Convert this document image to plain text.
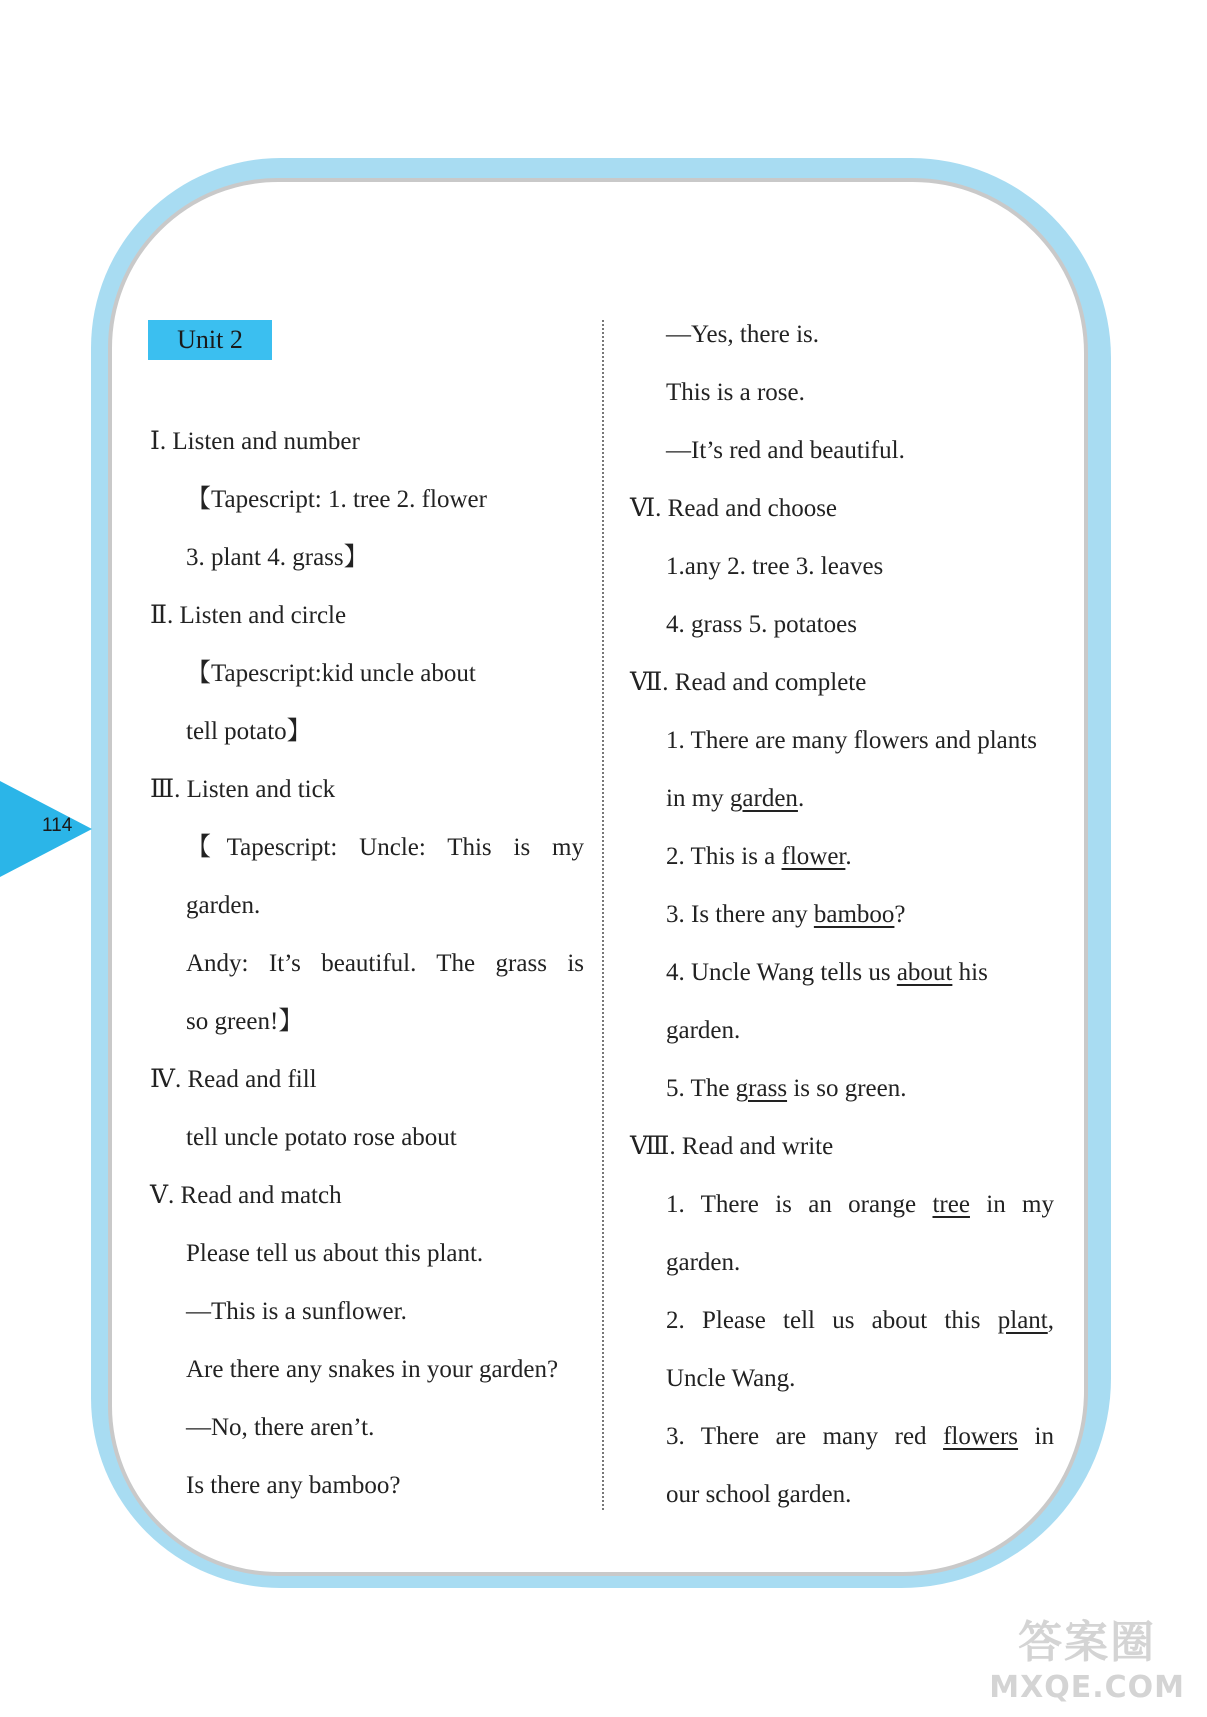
114
Unit 2
Ⅰ. Listen and number
【Tapescript: 1. tree 2. flower
3. plant 4. grass】
Ⅱ. Listen and circle
【Tapescript:kid uncle about
tell potato】
Ⅲ. Listen and tick
【Tapescript: Uncle: This is my
garden.
Andy: It’s beautiful. The grass is
so green!】
Ⅳ. Read and fill
tell uncle potato rose about
Ⅴ. Read and match
Please tell us about this plant.
—This is a sunflower.
Are there any snakes in your garden?
—No, there aren’t.
Is there any bamboo?
—Yes, there is.
This is a rose.
—It’s red and beautiful.
Ⅵ. Read and choose
1.any 2. tree 3. leaves
4. grass 5. potatoes
Ⅶ. Read and complete
1. There are many flowers and plants
in my garden.
2. This is a flower.
3. Is there any bamboo?
4. Uncle Wang tells us about his
garden.
5. The grass is so green.
Ⅷ. Read and write
1. There is an orange tree in my
garden.
2. Please tell us about this plant,
Uncle Wang.
3. There are many red flowers in
our school garden.
答案圈
MXQE.COM
